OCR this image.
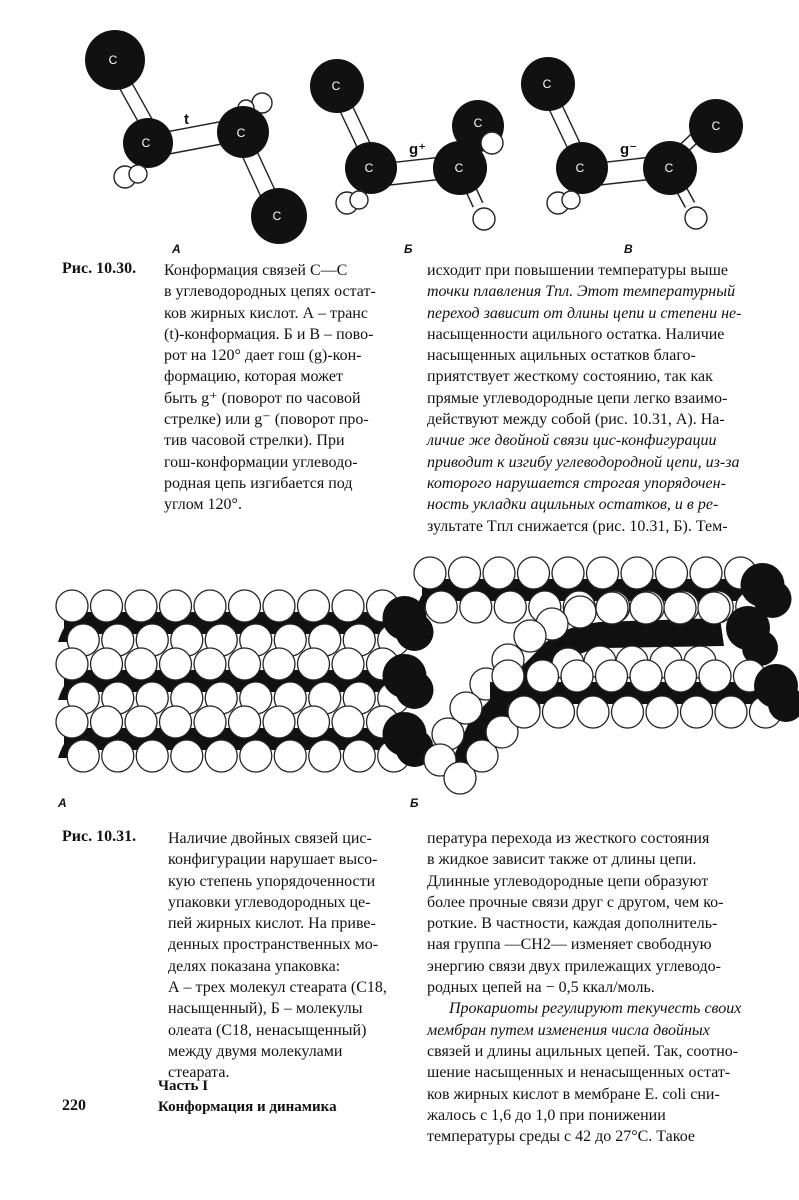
C
C
C
C
C
C	C
C
C
C	C
C
t
g⁺	g⁻
А	Б	В
Рис. 10.30. Конформация связей С—С

в углеводородных цепях остат-

ков жирных кислот. А – транс

(t)-конформация. Б и В – пово-

рот на 120° дает гош (g)-кон-

формацию, которая может

быть g⁺ (поворот по часовой

стрелке) или g⁻ (поворот про-

тив часовой стрелки). При

гош-конформации углеводо-

родная цепь изгибается под

углом 120°.

исходит при повышении температуры выше

точки плавления Tпл. Этот температурный

переход зависит от длины цепи и степени не-

насыщенности ацильного остатка. Наличие

насыщенных ацильных остатков благо-

приятствует жесткому состоянию, так как

прямые углеводородные цепи легко взаимо-

действуют между собой (рис. 10.31, А). На-

личие же двойной связи цис-конфигурации

приводит к изгибу углеводородной цепи, из-за

которого нарушается строгая упорядочен-

ность укладки ацильных остатков, и в ре-

зультате Tпл снижается (рис. 10.31, Б). Тем-

А	Б
Рис. 10.31. Наличие двойных связей цис-

конфигурации нарушает высо-

кую степень упорядоченности

упаковки углеводородных це-

пей жирных кислот. На приве-

денных пространственных мо-

делях показана упаковка:

А – трех молекул стеарата (C18,

насыщенный), Б – молекулы

олеата (C18, ненасыщенный)

между двумя молекулами

стеарата.

пература перехода из жесткого состояния

в жидкое зависит также от длины цепи.

Длинные углеводородные цепи образуют

более прочные связи друг с другом, чем ко-

роткие. В частности, каждая дополнитель-

ная группа —CH2— изменяет свободную

энергию связи двух прилежащих углеводо-

родных цепей на − 0,5 ккал/моль.

Прокариоты регулируют текучесть своих

мембран путем изменения числа двойных

связей и длины ацильных цепей. Так, соотно-

шение насыщенных и ненасыщенных остат-

ков жирных кислот в мембране E. coli сни-

жалось с 1,6 до 1,0 при понижении

температуры среды с 42 до 27°C. Такое

Часть I
Конформация и динамика
220
